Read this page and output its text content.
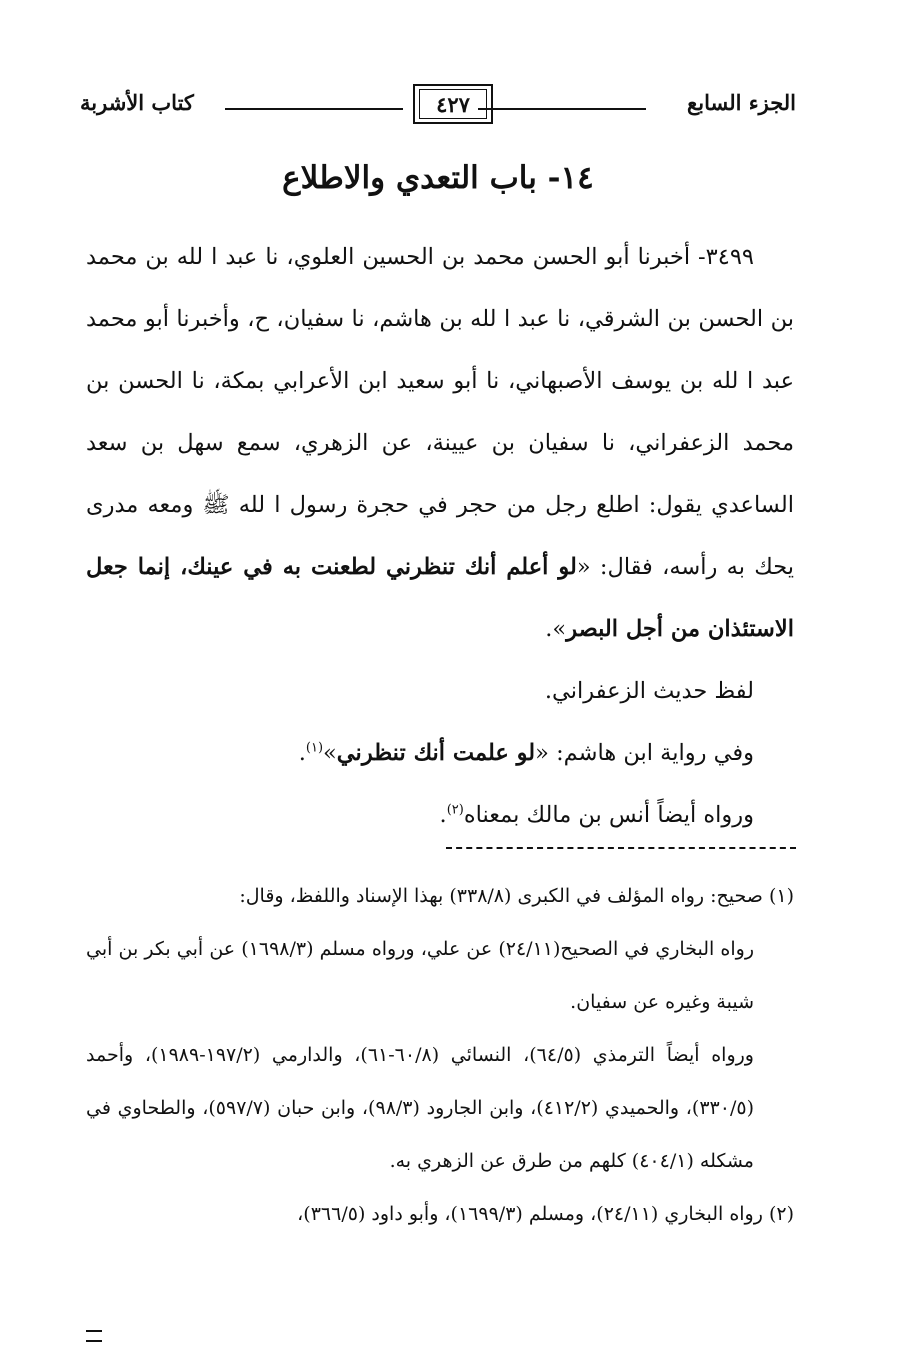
الجزء السابع
٤٢٧
كتاب الأشربة
١٤- باب التعدي والاطلاع

٣٤٩٩- أخبرنا أبو الحسن محمد بن الحسين العلوي، نا عبد ا لله بن محمد بن الحسن بن الشرقي، نا عبد ا لله بن هاشم، نا سفيان، ح، وأخبرنا أبو محمد عبد ا لله بن يوسف الأصبهاني، نا أبو سعيد ابن الأعرابي بمكة، نا الحسن بن محمد الزعفراني، نا سفيان بن عيينة، عن الزهري، سمع سهل بن سعد الساعدي يقول: اطلع رجل من حجر في حجرة رسول ا لله ﷺ ومعه مدرى يحك به رأسه، فقال: «لو أعلم أنك تنظرني لطعنت به في عينك، إنما جعل الاستئذان من أجل البصر».

لفظ حديث الزعفراني.

وفي رواية ابن هاشم: «لو علمت أنك تنظرني»$^{(١)}$.

ورواه أيضاً أنس بن مالك بمعناه$^{(٢)}$.

(١) صحيح: رواه المؤلف في الكبرى (٣٣٨/٨) بهذا الإسناد واللفظ، وقال:

رواه البخاري في الصحيح(٢٤/١١) عن علي، ورواه مسلم (١٦٩٨/٣) عن أبي بكر بن أبي شيبة وغيره عن سفيان.

ورواه أيضاً الترمذي (٦٤/٥)، النسائي (٦٠/٨-٦١)، والدارمي (١٩٧/٢-١٩٨٩)، وأحمد (٣٣٠/٥)، والحميدي (٤١٢/٢)، وابن الجارود (٩٨/٣)، وابن حبان (٥٩٧/٧)، والطحاوي في مشكله (٤٠٤/١) كلهم من طرق عن الزهري به.

(٢) رواه البخاري (٢٤/١١)، ومسلم (١٦٩٩/٣)، وأبو داود (٣٦٦/٥)،
